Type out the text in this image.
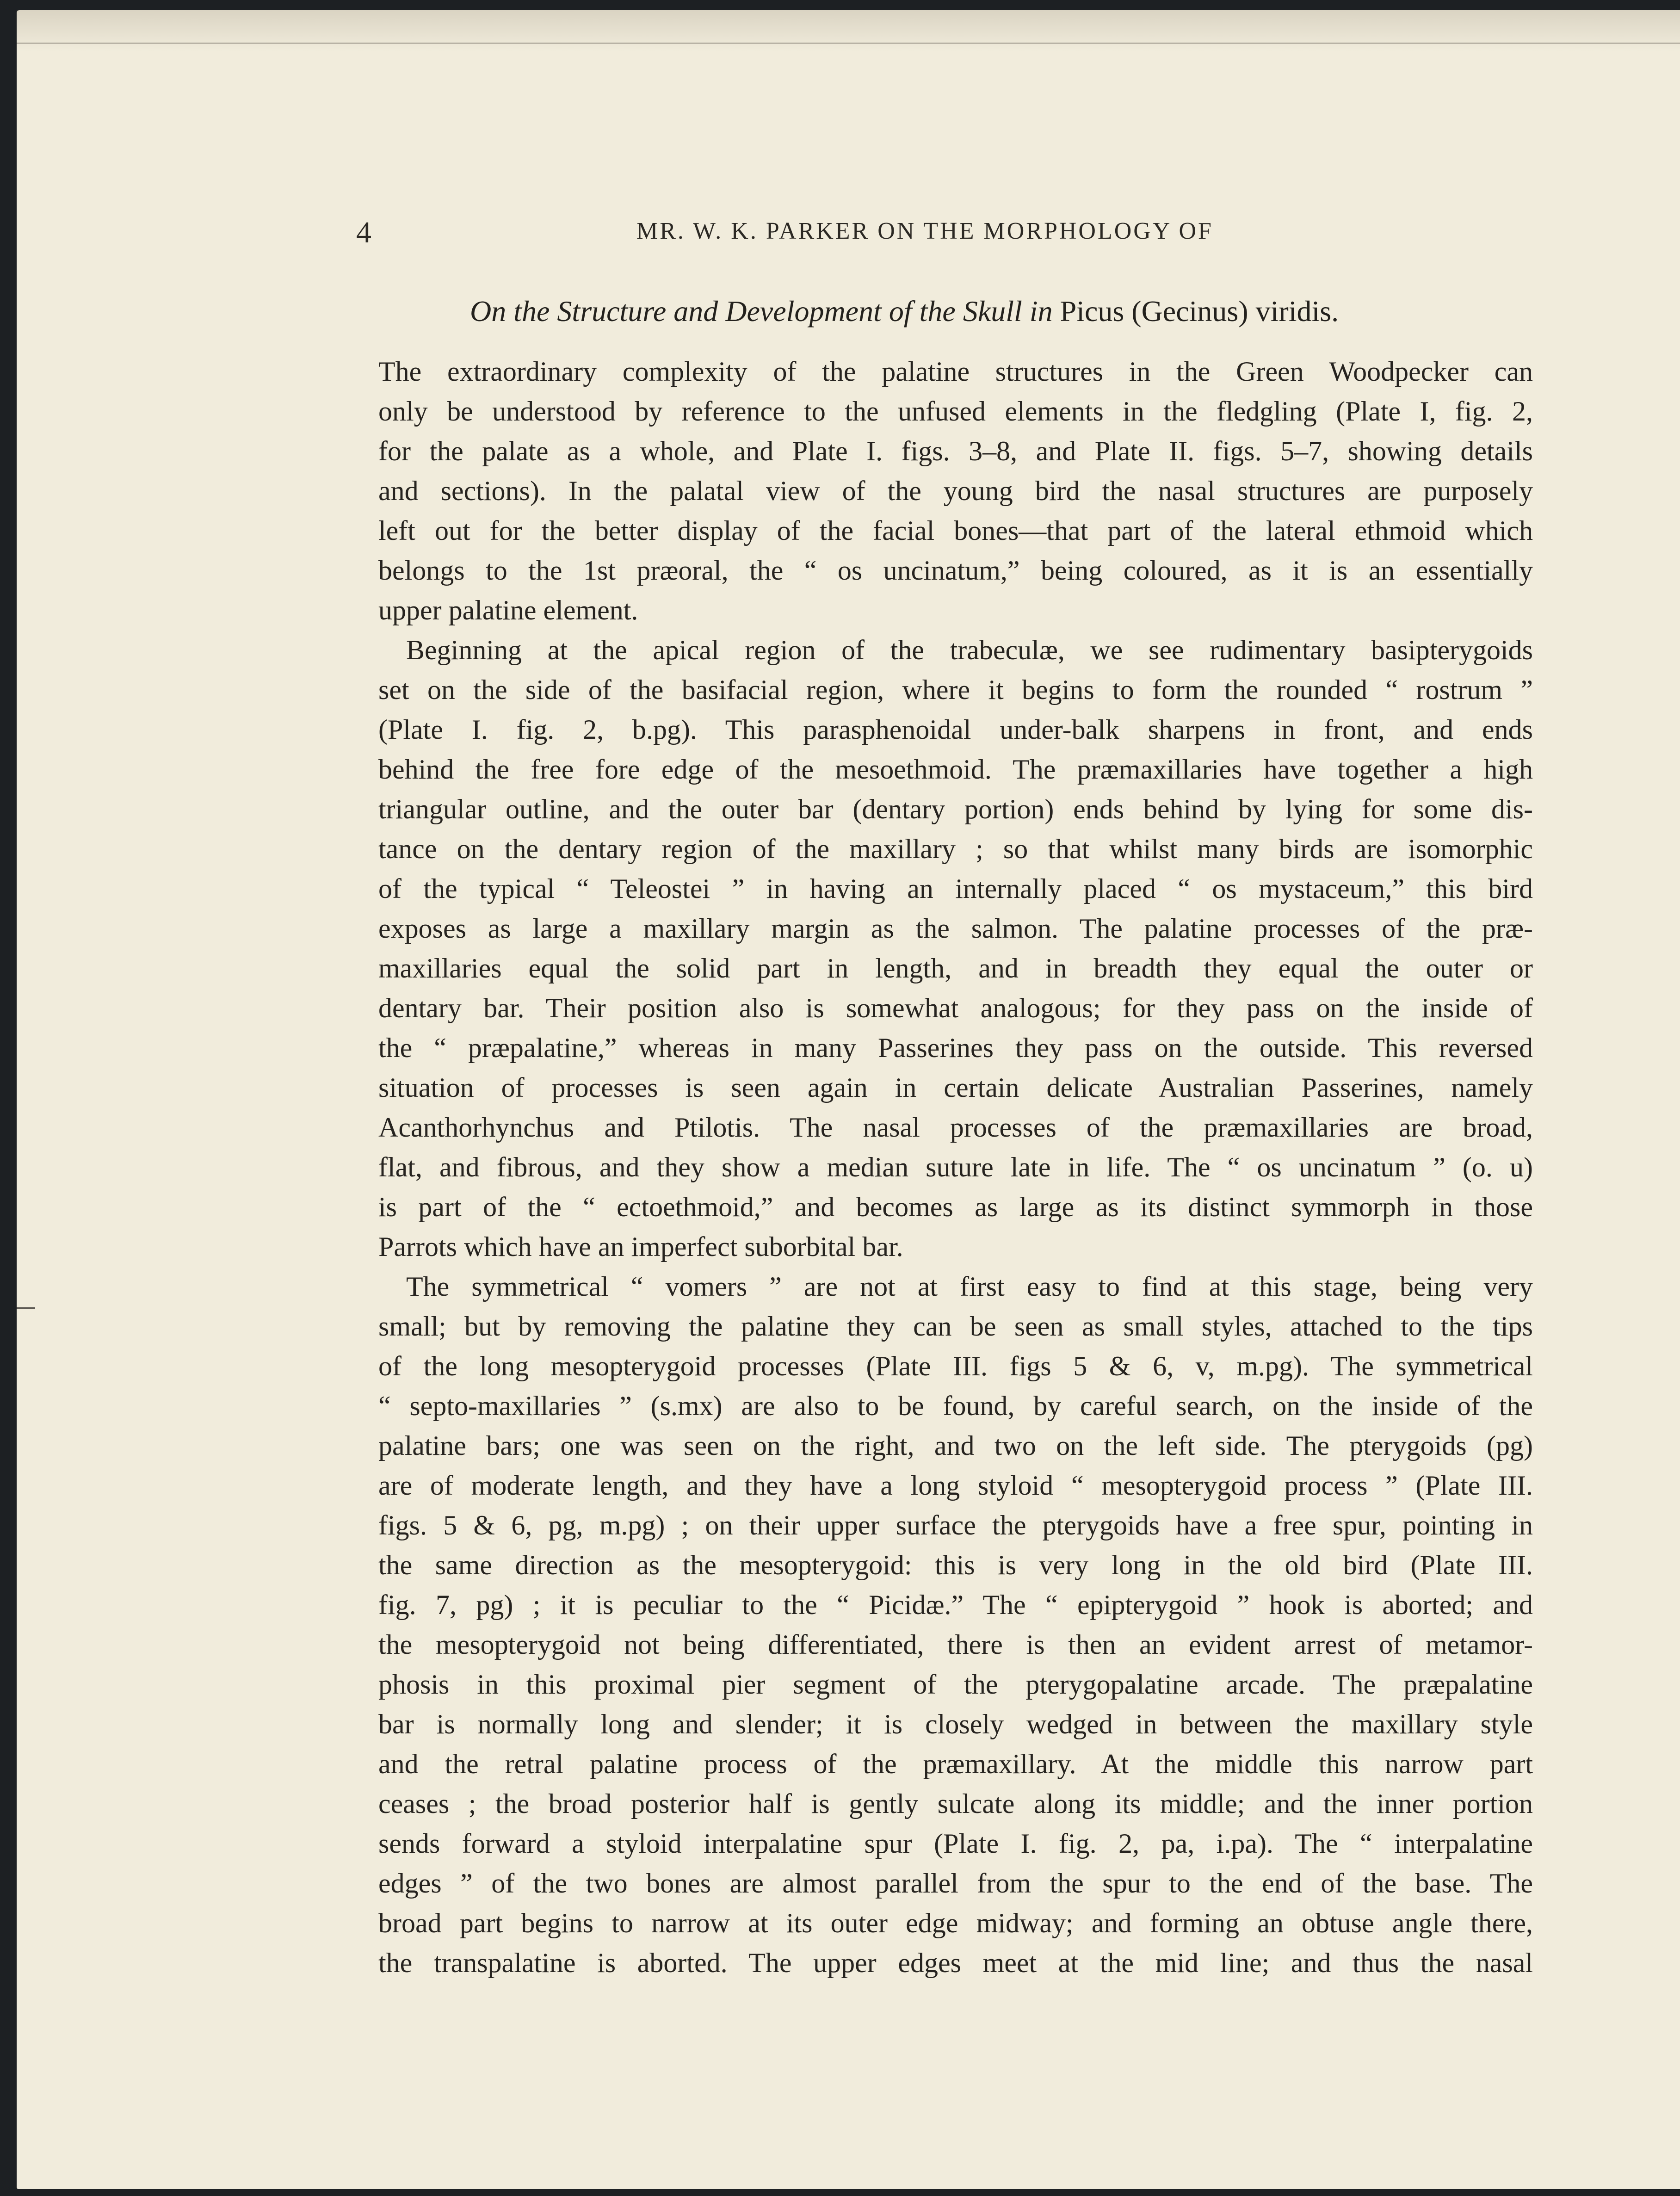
4	MR. W. K. PARKER ON THE MORPHOLOGY OF
On the Structure and Development of the Skull in Picus (Gecinus) viridis.
The extraordinary complexity of the palatine structures in the Green Woodpecker can
only be understood by reference to the unfused elements in the fledgling (Plate I, fig. 2,
for the palate as a whole, and Plate I. figs. 3–8, and Plate II. figs. 5–7, showing details
and sections). In the palatal view of the young bird the nasal structures are purposely
left out for the better display of the facial bones—that part of the lateral ethmoid which
belongs to the 1st præoral, the “ os uncinatum,” being coloured, as it is an essentially
upper palatine element.
Beginning at the apical region of the trabeculæ, we see rudimentary basipterygoids
set on the side of the basifacial region, where it begins to form the rounded “ rostrum ”
(Plate I. fig. 2, b.pg). This parasphenoidal under-balk sharpens in front, and ends
behind the free fore edge of the mesoethmoid. The præmaxillaries have together a high
triangular outline, and the outer bar (dentary portion) ends behind by lying for some dis-
tance on the dentary region of the maxillary ; so that whilst many birds are isomorphic
of the typical “ Teleostei ” in having an internally placed “ os mystaceum,” this bird
exposes as large a maxillary margin as the salmon. The palatine processes of the præ-
maxillaries equal the solid part in length, and in breadth they equal the outer or
dentary bar. Their position also is somewhat analogous; for they pass on the inside of
the “ præpalatine,” whereas in many Passerines they pass on the outside. This reversed
situation of processes is seen again in certain delicate Australian Passerines, namely
Acanthorhynchus and Ptilotis. The nasal processes of the præmaxillaries are broad,
flat, and fibrous, and they show a median suture late in life. The “ os uncinatum ” (o. u)
is part of the “ ectoethmoid,” and becomes as large as its distinct symmorph in those
Parrots which have an imperfect suborbital bar.
The symmetrical “ vomers ” are not at first easy to find at this stage, being very
small; but by removing the palatine they can be seen as small styles, attached to the tips
of the long mesopterygoid processes (Plate III. figs 5 & 6, v, m.pg). The symmetrical
“ septo-maxillaries ” (s.mx) are also to be found, by careful search, on the inside of the
palatine bars; one was seen on the right, and two on the left side. The pterygoids (pg)
are of moderate length, and they have a long styloid “ mesopterygoid process ” (Plate III.
figs. 5 & 6, pg, m.pg) ; on their upper surface the pterygoids have a free spur, pointing in
the same direction as the mesopterygoid: this is very long in the old bird (Plate III.
fig. 7, pg) ; it is peculiar to the “ Picidæ.” The “ epipterygoid ” hook is aborted; and
the mesopterygoid not being differentiated, there is then an evident arrest of metamor-
phosis in this proximal pier segment of the pterygopalatine arcade. The præpalatine
bar is normally long and slender; it is closely wedged in between the maxillary style
and the retral palatine process of the præmaxillary. At the middle this narrow part
ceases ; the broad posterior half is gently sulcate along its middle; and the inner portion
sends forward a styloid interpalatine spur (Plate I. fig. 2, pa, i.pa). The “ interpalatine
edges ” of the two bones are almost parallel from the spur to the end of the base. The
broad part begins to narrow at its outer edge midway; and forming an obtuse angle there,
the transpalatine is aborted. The upper edges meet at the mid line; and thus the nasal
